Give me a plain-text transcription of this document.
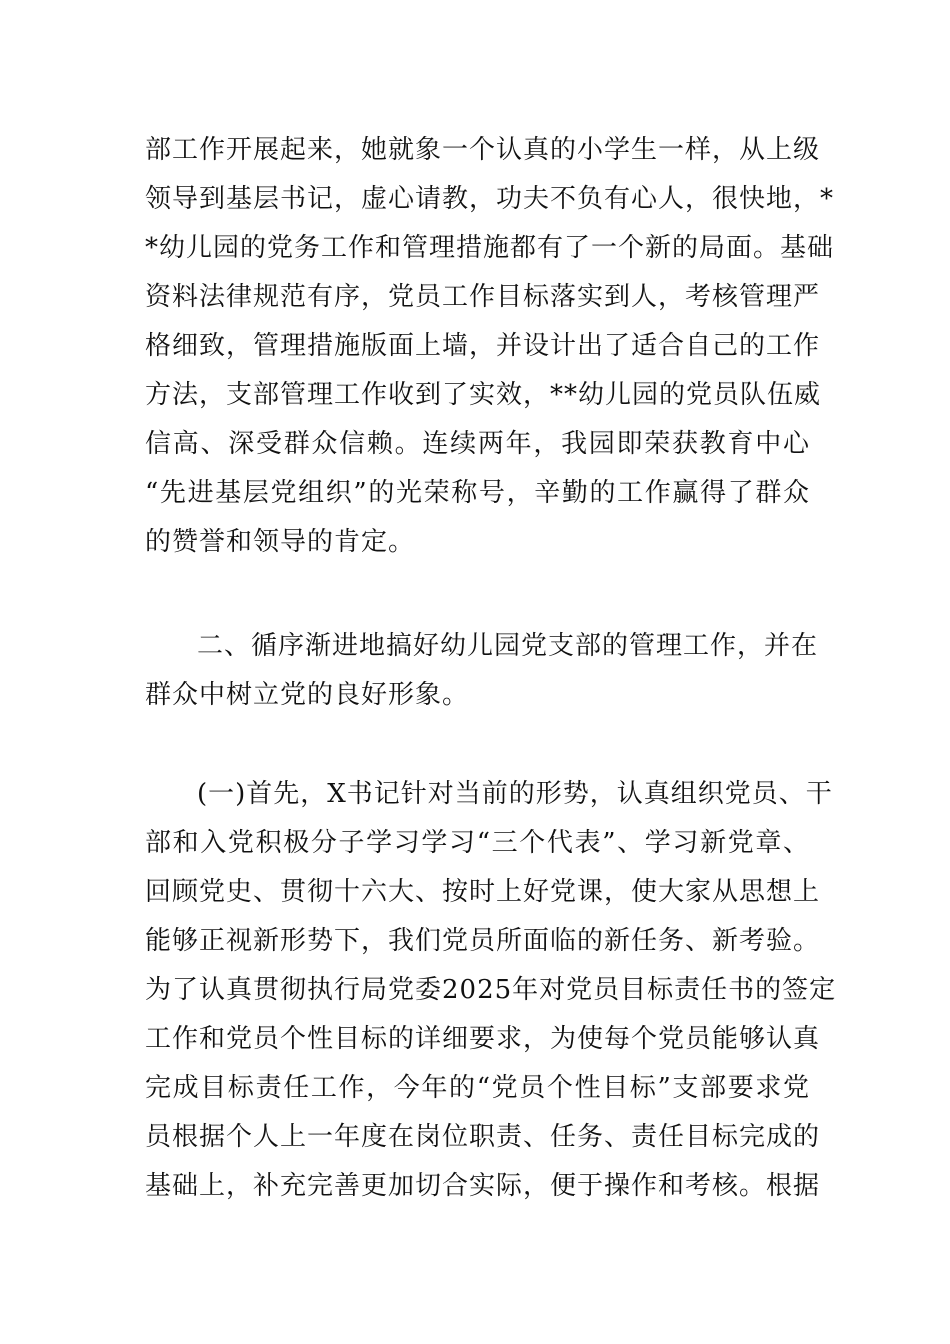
部工作开展起来，她就象一个认真的小学生一样，从上级
领导到基层书记，虚心请教，功夫不负有心人，很快地，*
*幼儿园的党务工作和管理措施都有了一个新的局面。基础
资料法律规范有序，党员工作目标落实到人，考核管理严
格细致，管理措施版面上墙，并设计出了适合自己的工作
方法，支部管理工作收到了实效，**幼儿园的党员队伍威
信高、深受群众信赖。连续两年，我园即荣获教育中心
“先进基层党组织”的光荣称号，辛勤的工作赢得了群众
的赞誉和领导的肯定。
二、循序渐进地搞好幼儿园党支部的管理工作，并在
群众中树立党的良好形象。
(一)首先，X书记针对当前的形势，认真组织党员、干
部和入党积极分子学习学习“三个代表”、学习新党章、
回顾党史、贯彻十六大、按时上好党课，使大家从思想上
能够正视新形势下，我们党员所面临的新任务、新考验。
为了认真贯彻执行局党委2025年对党员目标责任书的签定
工作和党员个性目标的详细要求，为使每个党员能够认真
完成目标责任工作，今年的“党员个性目标”支部要求党
员根据个人上一年度在岗位职责、任务、责任目标完成的
基础上，补充完善更加切合实际，便于操作和考核。根据
